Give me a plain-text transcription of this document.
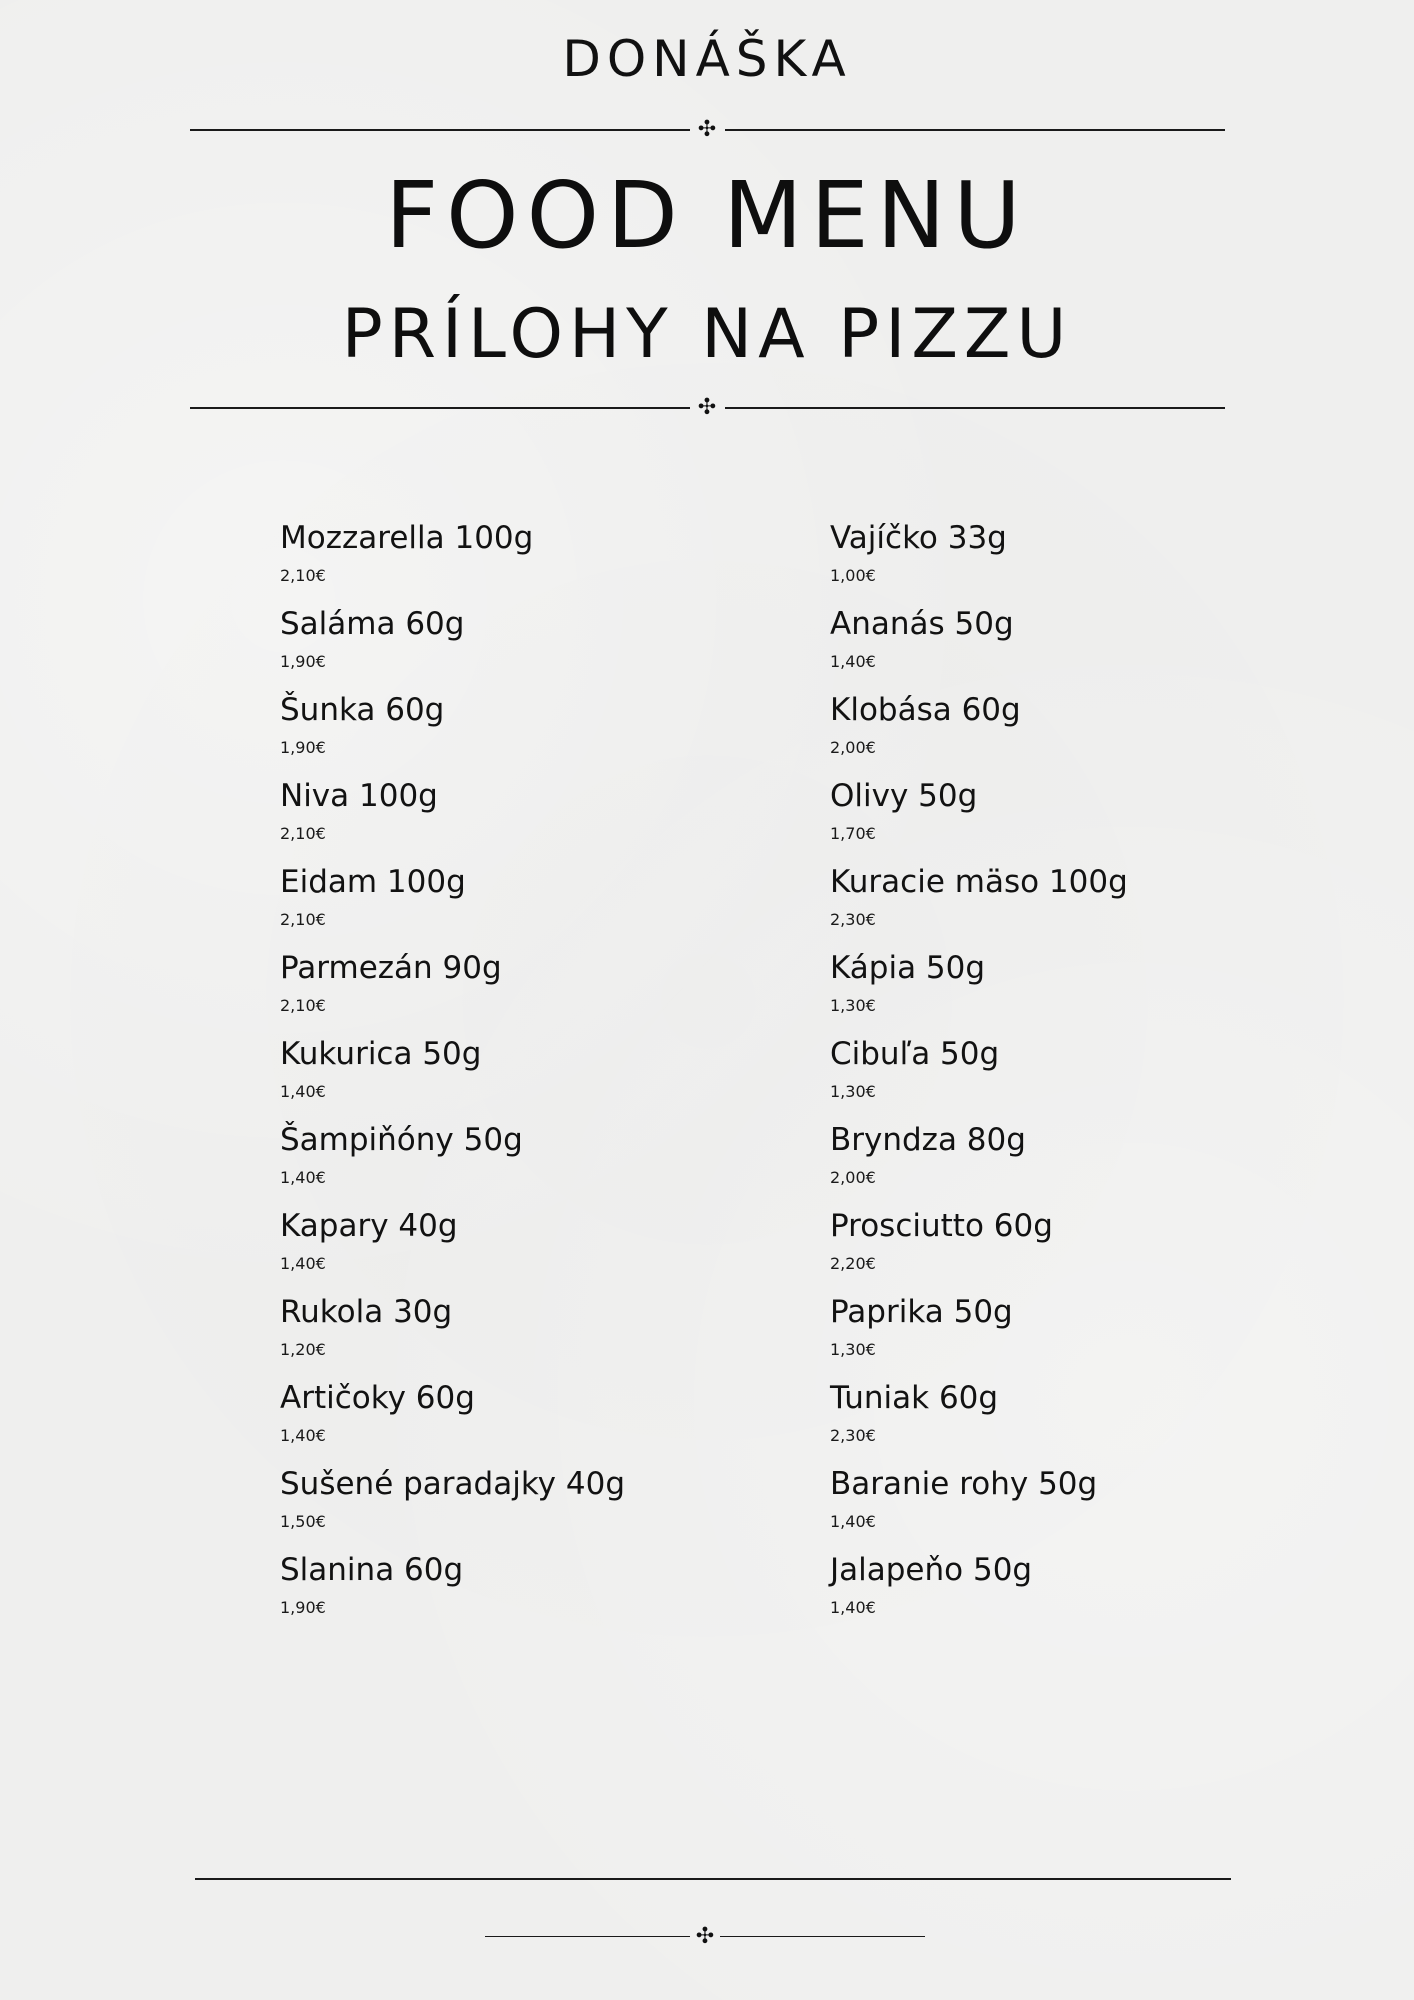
DONÁŠKA
✣
FOOD MENU
PRÍLOHY NA PIZZU
✣
Mozzarella 100g
2,10€
Saláma 60g
1,90€
Šunka 60g
1,90€
Niva 100g
2,10€
Eidam 100g
2,10€
Parmezán 90g
2,10€
Kukurica 50g
1,40€
Šampiňóny 50g
1,40€
Kapary 40g
1,40€
Rukola 30g
1,20€
Artičoky 60g
1,40€
Sušené paradajky 40g
1,50€
Slanina 60g
1,90€
Vajíčko 33g
1,00€
Ananás 50g
1,40€
Klobása 60g
2,00€
Olivy 50g
1,70€
Kuracie mäso 100g
2,30€
Kápia 50g
1,30€
Cibuľa 50g
1,30€
Bryndza 80g
2,00€
Prosciutto 60g
2,20€
Paprika 50g
1,30€
Tuniak 60g
2,30€
Baranie rohy 50g
1,40€
Jalapeňo 50g
1,40€
✣
